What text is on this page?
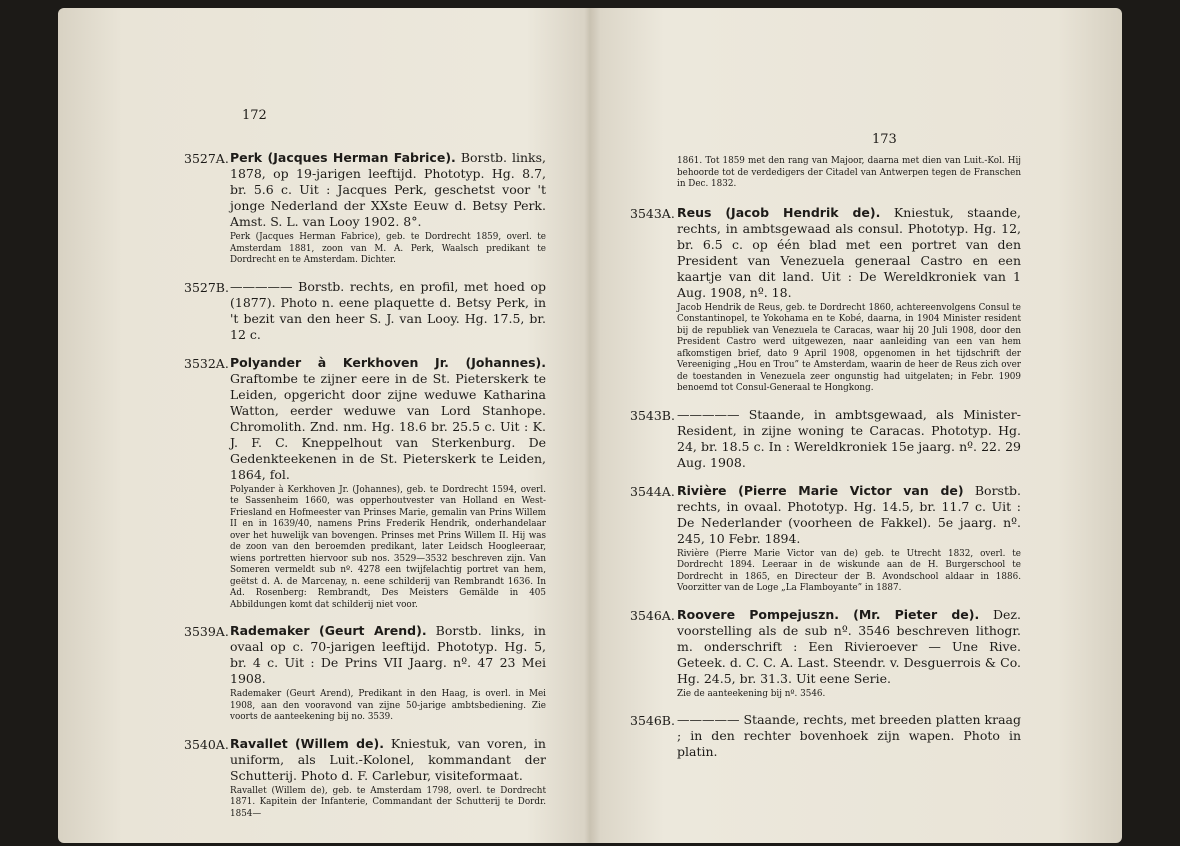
172
3527A. Perk (Jacques Herman Fabrice). Borstb. links, 1878, op 19-jarigen leeftijd. Phototyp. Hg. 8.7, br. 5.6 c. Uit : Jacques Perk, geschetst voor 't jonge Nederland der XXste Eeuw d. Betsy Perk. Amst. S. L. van Looy 1902. 8°.
Perk (Jacques Herman Fabrice), geb. te Dordrecht 1859, overl. te Amsterdam 1881, zoon van M. A. Perk, Waalsch predikant te Dordrecht en te Amsterdam. Dichter.
3527B. ————— Borstb. rechts, en profil, met hoed op (1877). Photo n. eene plaquette d. Betsy Perk, in 't bezit van den heer S. J. van Looy. Hg. 17.5, br. 12 c.
3532A. Polyander à Kerkhoven Jr. (Johannes). Graftombe te zijner eere in de St. Pieterskerk te Leiden, opgericht door zijne weduwe Katharina Watton, eerder weduwe van Lord Stanhope. Chromolith. Znd. nm. Hg. 18.6 br. 25.5 c. Uit : K. J. F. C. Kneppelhout van Sterkenburg. De Gedenkteekenen in de St. Pieterskerk te Leiden, 1864, fol.
Polyander à Kerkhoven Jr. (Johannes), geb. te Dordrecht 1594, overl. te Sassenheim 1660, was opperhoutvester van Holland en West-Friesland en Hofmeester van Prinses Marie, gemalin van Prins Willem II en in 1639/40, namens Prins Frederik Hendrik, onderhandelaar over het huwelijk van bovengen. Prinses met Prins Willem II. Hij was de zoon van den beroemden predikant, later Leidsch Hoogleeraar, wiens portretten hiervoor sub nos. 3529—3532 beschreven zijn. Van Someren vermeldt sub nº. 4278 een twijfelachtig portret van hem, geëtst d. A. de Marcenay, n. eene schilderij van Rembrandt 1636. In Ad. Rosenberg: Rembrandt, Des Meisters Gemälde in 405 Abbildungen komt dat schilderij niet voor.
3539A. Rademaker (Geurt Arend). Borstb. links, in ovaal op c. 70-jarigen leeftijd. Phototyp. Hg. 5, br. 4 c. Uit : De Prins VII Jaarg. nº. 47 23 Mei 1908.
Rademaker (Geurt Arend), Predikant in den Haag, is overl. in Mei 1908, aan den vooravond van zijne 50-jarige ambtsbediening. Zie voorts de aanteekening bij no. 3539.
3540A. Ravallet (Willem de). Kniestuk, van voren, in uniform, als Luit.-Kolonel, kommandant der Schutterij. Photo d. F. Carlebur, visiteformaat.
Ravallet (Willem de), geb. te Amsterdam 1798, overl. te Dordrecht 1871. Kapitein der Infanterie, Commandant der Schutterij te Dordr. 1854—
173
1861. Tot 1859 met den rang van Majoor, daarna met dien van Luit.-Kol. Hij behoorde tot de verdedigers der Citadel van Antwerpen tegen de Franschen in Dec. 1832.
3543A. Reus (Jacob Hendrik de). Kniestuk, staande, rechts, in ambtsgewaad als consul. Phototyp. Hg. 12, br. 6.5 c. op één blad met een portret van den President van Venezuela generaal Castro en een kaartje van dit land. Uit : De Wereldkroniek van 1 Aug. 1908, nº. 18.
Jacob Hendrik de Reus, geb. te Dordrecht 1860, achtereenvolgens Consul te Constantinopel, te Yokohama en te Kobé, daarna, in 1904 Minister resident bij de republiek van Venezuela te Caracas, waar hij 20 Juli 1908, door den President Castro werd uitgewezen, naar aanleiding van een van hem afkomstigen brief, dato 9 April 1908, opgenomen in het tijdschrift der Vereeniging „Hou en Trou” te Amsterdam, waarin de heer de Reus zich over de toestanden in Venezuela zeer ongunstig had uitgelaten; in Febr. 1909 benoemd tot Consul-Generaal te Hongkong.
3543B. ————— Staande, in ambtsgewaad, als Minister-Resident, in zijne woning te Caracas. Phototyp. Hg. 24, br. 18.5 c. In : Wereldkroniek 15e jaarg. nº. 22. 29 Aug. 1908.
3544A. Rivière (Pierre Marie Victor van de) Borstb. rechts, in ovaal. Phototyp. Hg. 14.5, br. 11.7 c. Uit : De Nederlander (voorheen de Fakkel). 5e jaarg. nº. 245, 10 Febr. 1894.
Rivière (Pierre Marie Victor van de) geb. te Utrecht 1832, overl. te Dordrecht 1894. Leeraar in de wiskunde aan de H. Burgerschool te Dordrecht in 1865, en Directeur der B. Avondschool aldaar in 1886. Voorzitter van de Loge „La Flamboyante” in 1887.
3546A. Roovere Pompejuszn. (Mr. Pieter de). Dez. voorstelling als de sub nº. 3546 beschreven lithogr. m. onderschrift : Een Rivieroever — Une Rive. Geteek. d. C. C. A. Last. Steendr. v. Desguerrois & Co. Hg. 24.5, br. 31.3. Uit eene Serie.
Zie de aanteekening bij nº. 3546.
3546B. ————— Staande, rechts, met breeden platten kraag ; in den rechter bovenhoek zijn wapen. Photo in platin.
